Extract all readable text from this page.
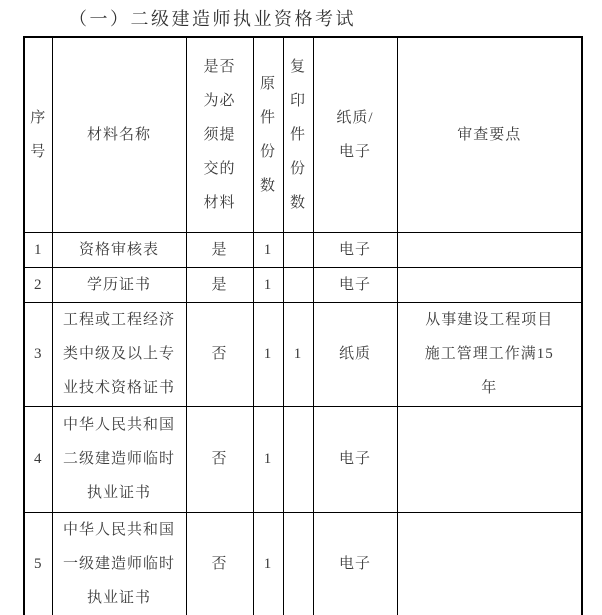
（一）二级建造师执业资格考试
序号	材料名称	是否为必须提交的材料	原件份数	复印件份数	纸质/电子	审查要点

1	资格审核表	是	1		电子	

2	学历证书	是	1		电子	

3	工程或工程经济类中级及以上专业技术资格证书	否	1	1	纸质	从事建设工程项目施工管理工作满15年

4	中华人民共和国二级建造师临时执业证书	否	1		电子	

5	中华人民共和国一级建造师临时执业证书	否	1		电子	
